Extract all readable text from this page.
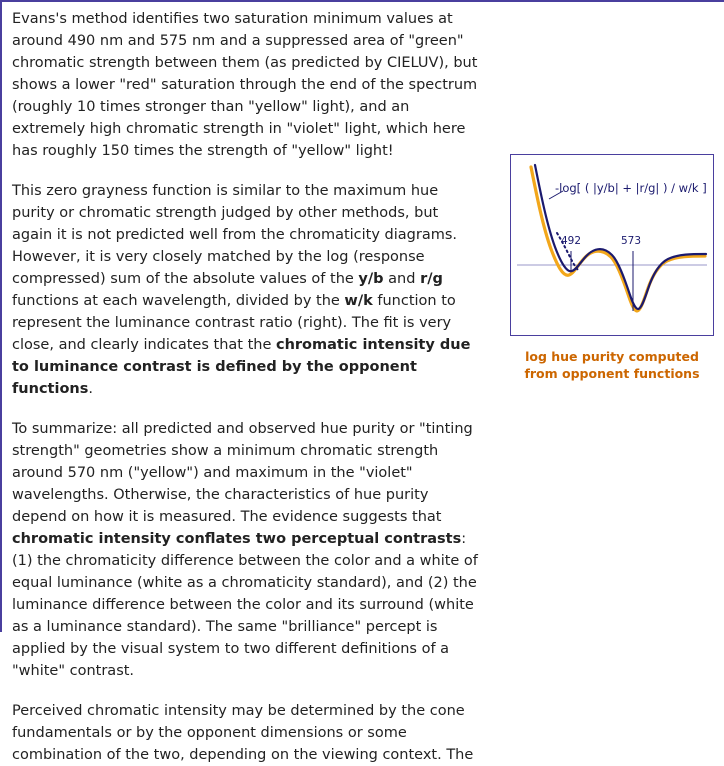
Evans's method identifies two saturation minimum values at around 490 nm and 575 nm and a suppressed area of "green" chromatic strength between them (as predicted by CIELUV), but shows a lower "red" saturation through the end of the spectrum (roughly 10 times stronger than "yellow" light), and an extremely high chromatic strength in "violet" light, which here has roughly 150 times the strength of "yellow" light!

This zero grayness function is similar to the maximum hue purity or chromatic strength judged by other methods, but again it is not predicted well from the chromaticity diagrams. However, it is very closely matched by the log (response compressed) sum of the absolute values of the y/b and r/g functions at each wavelength, divided by the w/k function to represent the luminance contrast ratio (right). The fit is very close, and clearly indicates that the chromatic intensity due to luminance contrast is defined by the opponent functions.

To summarize: all predicted and observed hue purity or "tinting strength" geometries show a minimum chromatic strength around 570 nm ("yellow") and maximum in the "violet" wavelengths. Otherwise, the characteristics of hue purity depend on how it is measured. The evidence suggests that chromatic intensity conflates two perceptual contrasts: (1) the chromaticity difference between the color and a white of equal luminance (white as a chromaticity standard), and (2) the luminance difference between the color and its surround (white as a luminance standard). The same "brilliance" percept is applied by the visual system to two different definitions of a "white" contrast.

Perceived chromatic intensity may be determined by the cone fundamentals or by the opponent dimensions or some combination of the two, depending on the viewing context. The

-log[ ( |y/b| + |r/g| ) / w/k ]
492	573
log hue purity computed from opponent functions
